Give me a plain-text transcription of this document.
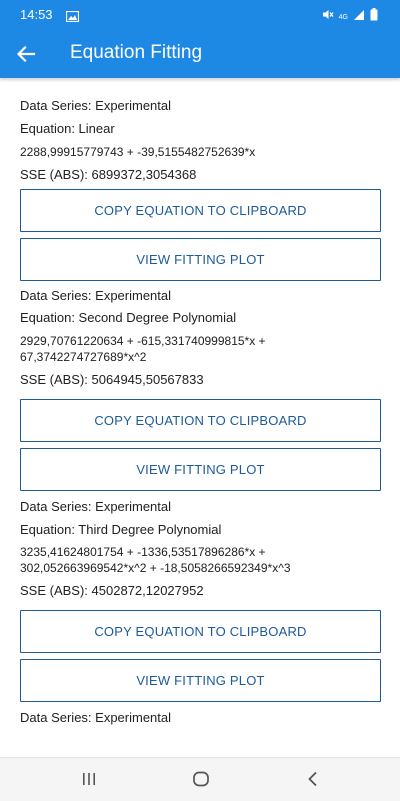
14:53	4G
Equation Fitting
Data Series: Experimental
Equation: Linear
2288,99915779743 + -39,5155482752639*x
SSE (ABS): 6899372,3054368
COPY EQUATION TO CLIPBOARD
VIEW FITTING PLOT
Data Series: Experimental
Equation: Second Degree Polynomial
2929,70761220634 + -615,331740999815*x +
67,3742274727689*x^2
SSE (ABS): 5064945,50567833
COPY EQUATION TO CLIPBOARD
VIEW FITTING PLOT
Data Series: Experimental
Equation: Third Degree Polynomial
3235,41624801754 + -1336,53517896286*x +
302,052663969542*x^2 + -18,5058266592349*x^3
SSE (ABS): 4502872,12027952
COPY EQUATION TO CLIPBOARD
VIEW FITTING PLOT
Data Series: Experimental
